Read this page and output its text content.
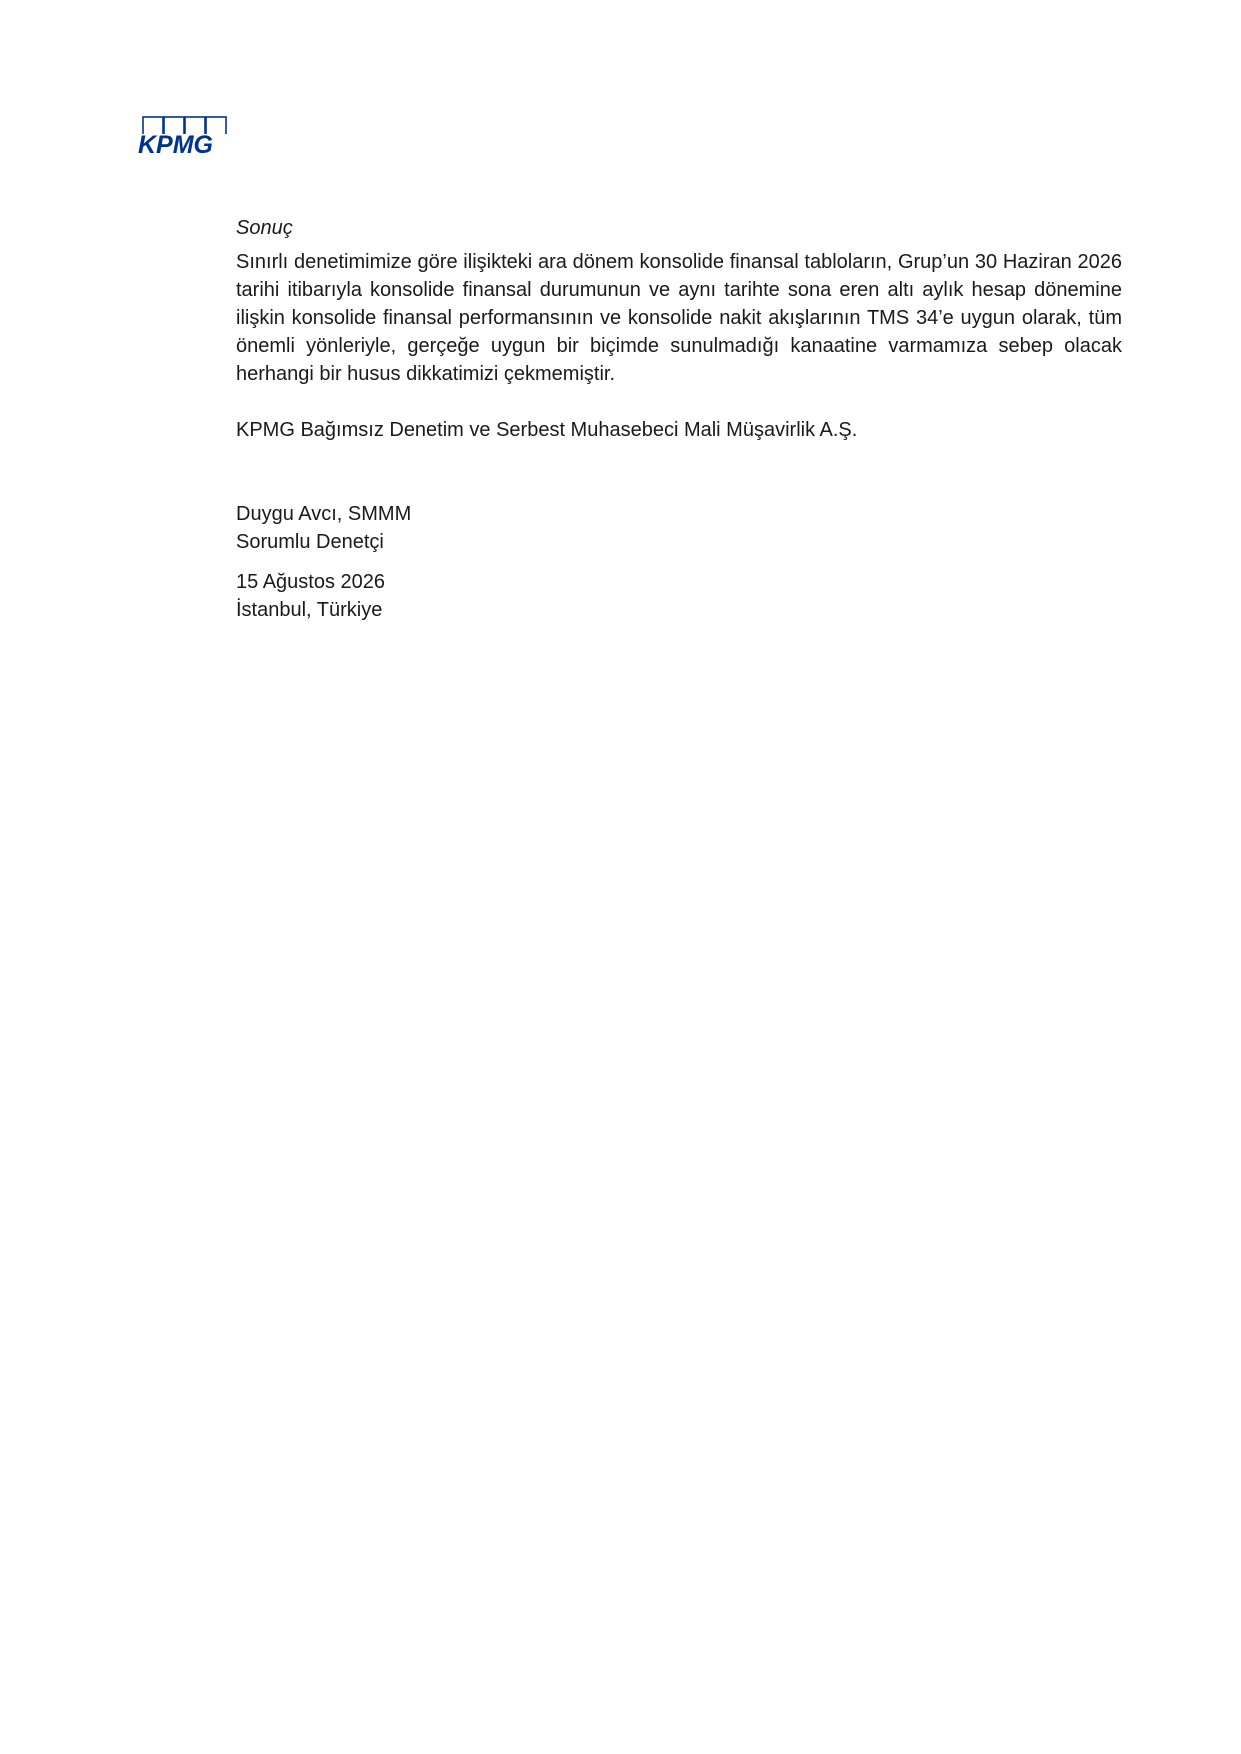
KPMG
Sonuç

Sınırlı denetimimize göre ilişikteki ara dönem konsolide finansal tabloların, Grup’un 30 Haziran 2026 tarihi itibarıyla konsolide finansal durumunun ve aynı tarihte sona eren altı aylık hesap dönemine ilişkin konsolide finansal performansının ve konsolide nakit akışlarının TMS 34’e uygun olarak, tüm önemli yönleriyle, gerçeğe uygun bir biçimde sunulmadığı kanaatine varmamıza sebep olacak herhangi bir husus dikkatimizi çekmemiştir.

KPMG Bağımsız Denetim ve Serbest Muhasebeci Mali Müşavirlik A.Ş.
Duygu Avcı, SMMM
Sorumlu Denetçi
15 Ağustos 2026
İstanbul, Türkiye
